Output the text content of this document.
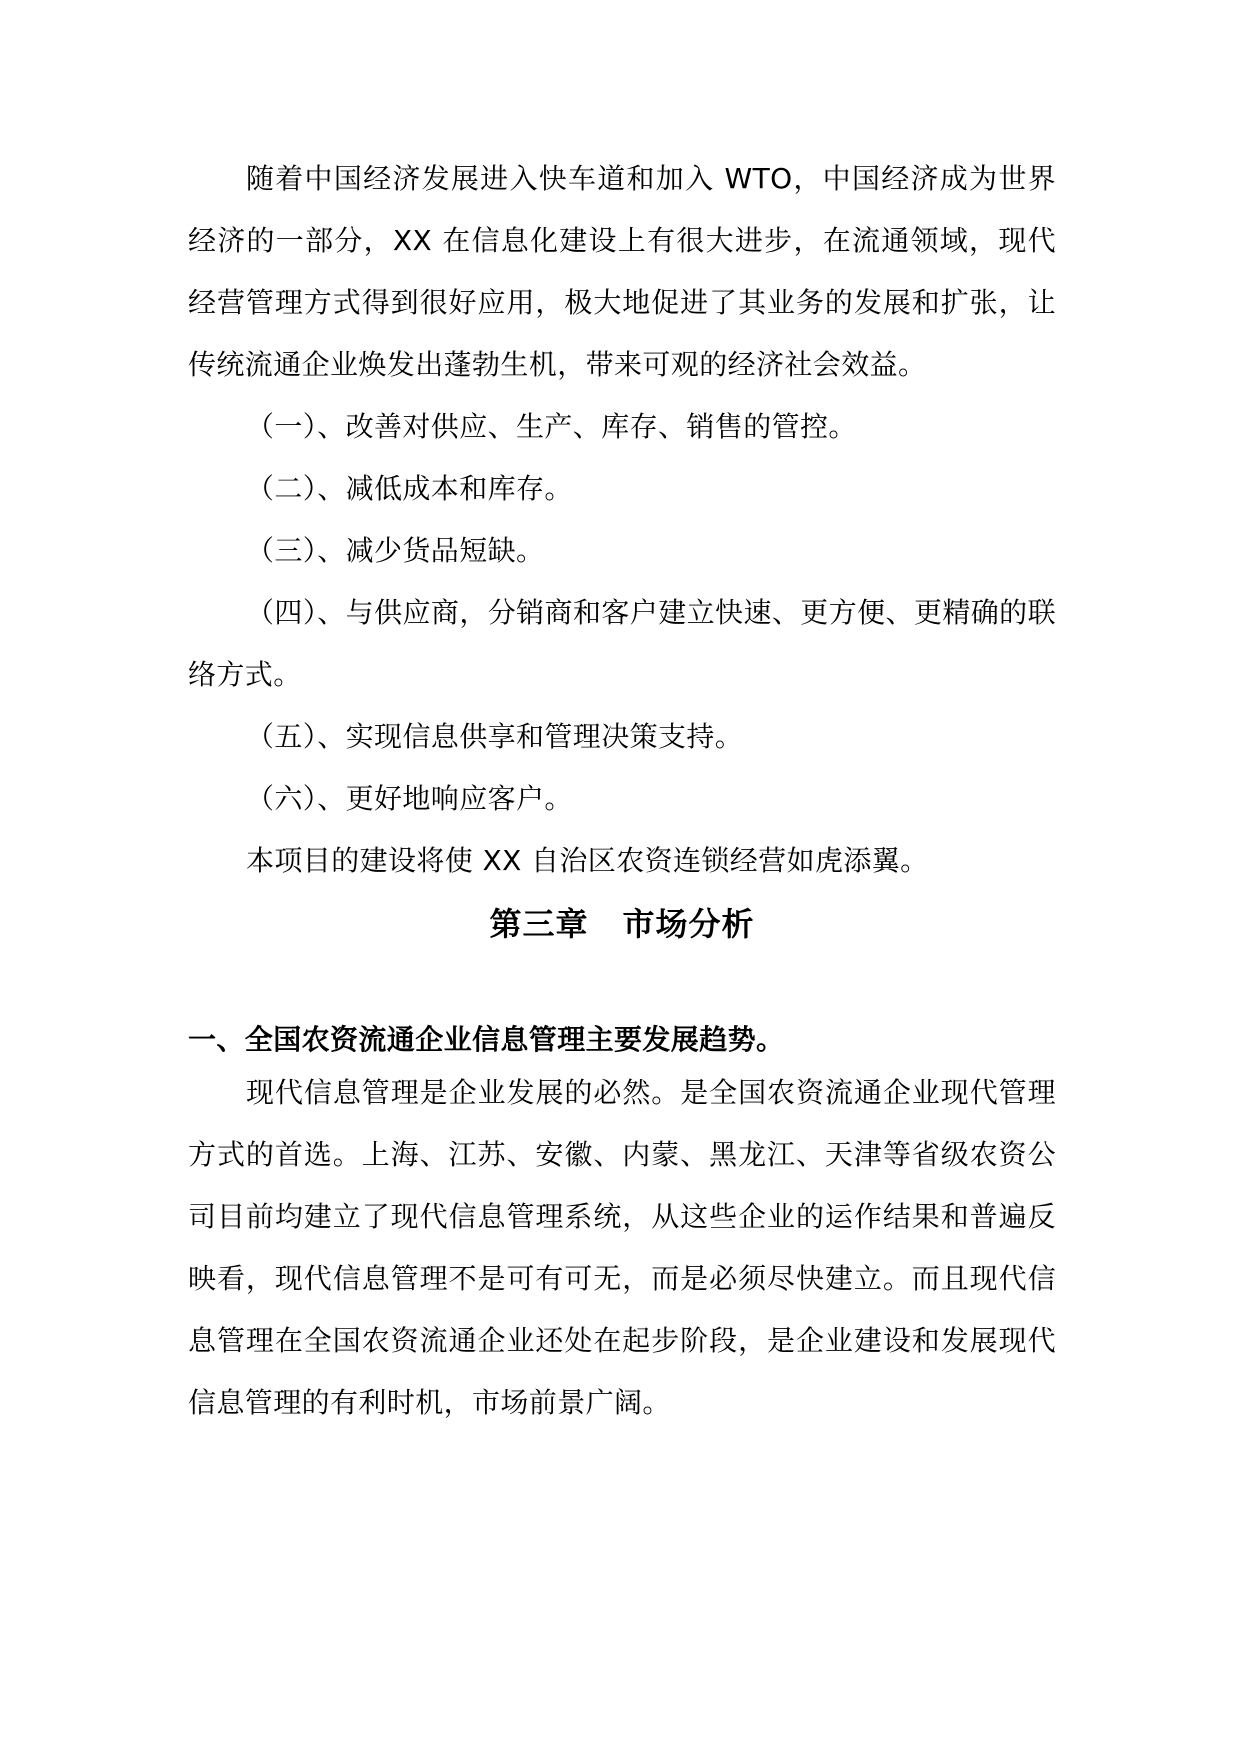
随着中国经济发展进入快车道和加入 WTO，中国经济成为世界经济的一部分，XX 在信息化建设上有很大进步，在流通领域，现代经营管理方式得到很好应用，极大地促进了其业务的发展和扩张，让传统流通企业焕发出蓬勃生机，带来可观的经济社会效益。

（一）、改善对供应、生产、库存、销售的管控。

（二）、减低成本和库存。

（三）、减少货品短缺。

（四）、与供应商，分销商和客户建立快速、更方便、更精确的联络方式。

（五）、实现信息供享和管理决策支持。

（六）、更好地响应客户。

本项目的建设将使 XX 自治区农资连锁经营如虎添翼。

第三章 市场分析
一、全国农资流通企业信息管理主要发展趋势。

现代信息管理是企业发展的必然。是全国农资流通企业现代管理方式的首选。上海、江苏、安徽、内蒙、黑龙江、天津等省级农资公司目前均建立了现代信息管理系统，从这些企业的运作结果和普遍反映看，现代信息管理不是可有可无，而是必须尽快建立。而且现代信息管理在全国农资流通企业还处在起步阶段，是企业建设和发展现代信息管理的有利时机，市场前景广阔。
